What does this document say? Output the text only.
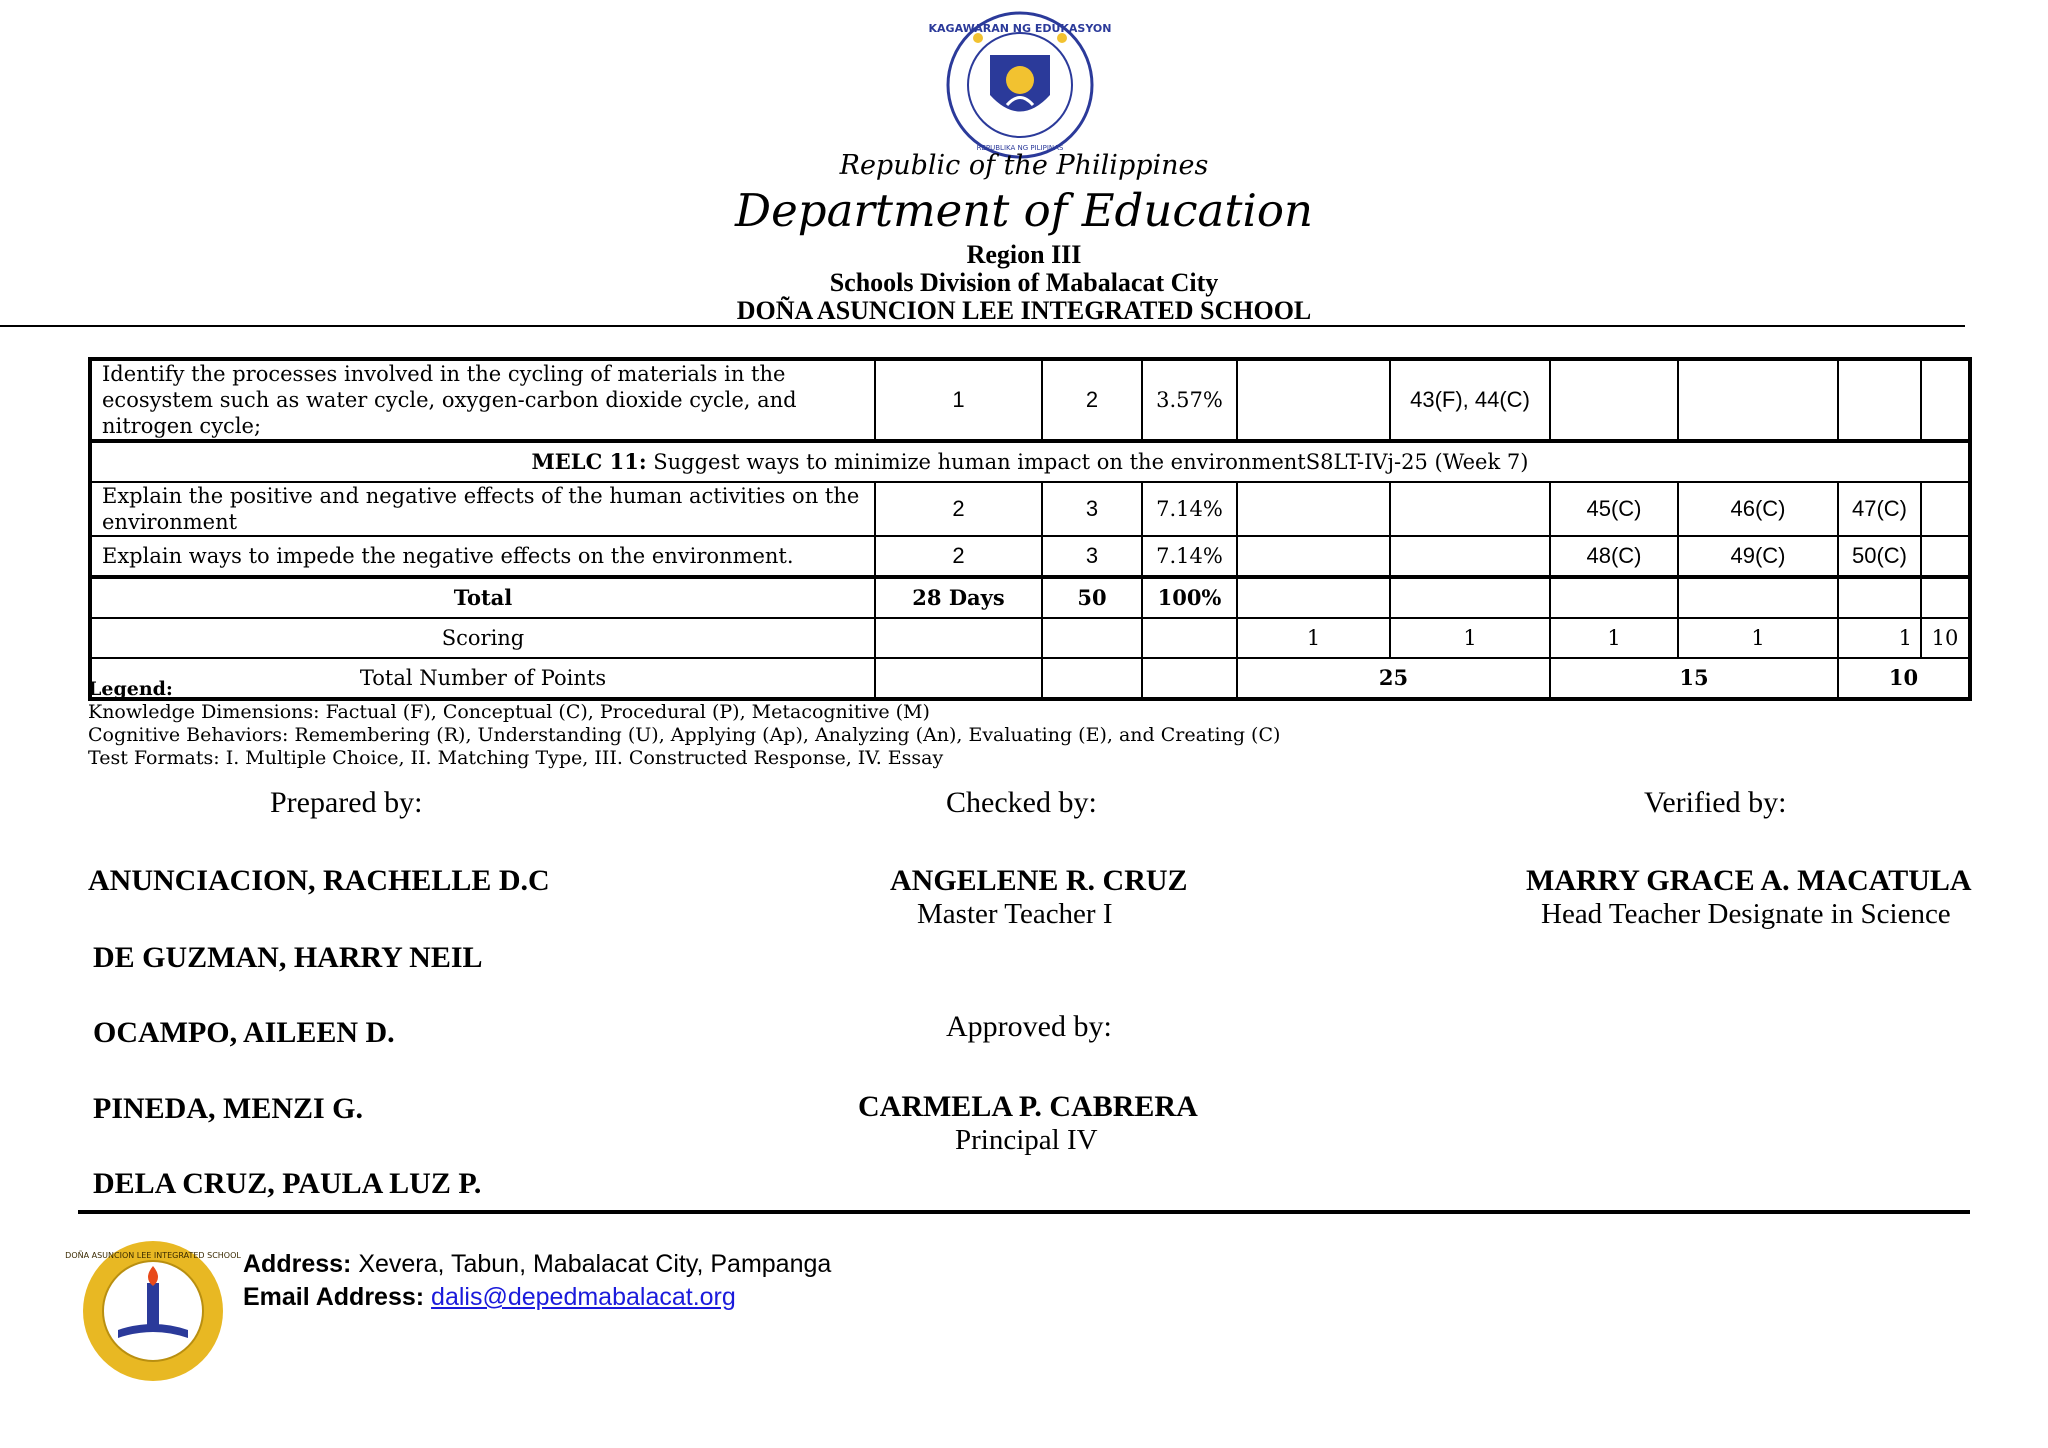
KAGAWARAN NG EDUKASYON
REPUBLIKA NG PILIPINAS
Republic of the Philippines
Department of Education
Region III
Schools Division of Mabalacat City
DOÑA ASUNCION LEE INTEGRATED SCHOOL
Identify the processes involved in the cycling of materials in the ecosystem such as water cycle, oxygen-carbon dioxide cycle, and nitrogen cycle;	1	2	3.57%		43(F), 44(C)				
MELC 11: Suggest ways to minimize human impact on the environmentS8LT-IVj-25 (Week 7)									
Explain the positive and negative effects of the human activities on the environment	2	3	7.14%			45(C)	46(C)	47(C)	
Explain ways to impede the negative effects on the environment.	2	3	7.14%			48(C)	49(C)	50(C)	
Total	28 Days	50	100%						
Scoring				1	1	1	1	1	10
Total Number of Points				25		15		10	
Legend:
Knowledge Dimensions: Factual (F), Conceptual (C), Procedural (P), Metacognitive (M)
Cognitive Behaviors: Remembering (R), Understanding (U), Applying (Ap), Analyzing (An), Evaluating (E), and Creating (C)
Test Formats: I. Multiple Choice, II. Matching Type, III. Constructed Response, IV. Essay
Prepared by:	Checked by:	Verified by:
ANUNCIACION, RACHELLE D.C
DE GUZMAN, HARRY NEIL
OCAMPO, AILEEN D.
PINEDA, MENZI G.
DELA CRUZ, PAULA LUZ P.
ANGELENE R. CRUZ
Master Teacher I
MARRY GRACE A. MACATULA
Head Teacher Designate in Science
Approved by:
CARMELA P. CABRERA
Principal IV
DOÑA ASUNCION LEE INTEGRATED SCHOOL Address: Xevera, Tabun, Mabalacat City, Pampanga
Email Address: dalis@depedmabalacat.org
